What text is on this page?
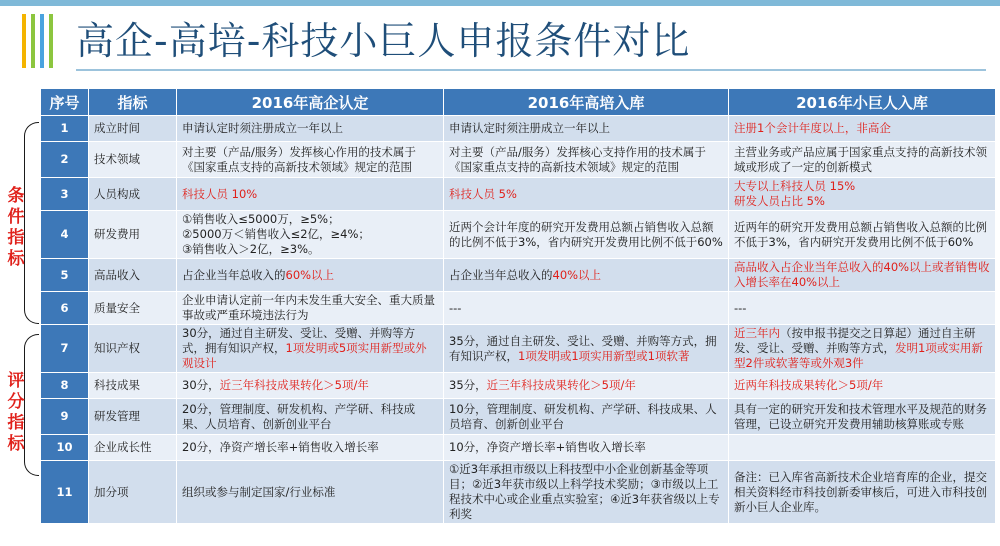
高企-高培-科技小巨人申报条件对比
序号	指标	2016年高企认定	2016年高培入库	2016年小巨人入库
1	成立时间	申请认定时须注册成立一年以上	申请认定时须注册成立一年以上	注册1个会计年度以上，非高企
2	技术领域	对主要（产品/服务）发挥核心作用的技术属于《国家重点支持的高新技术领域》规定的范围	对主要（产品/服务）发挥核心支持作用的技术属于《国家重点支持的高新技术领域》规定的范围	主营业务或产品应属于国家重点支持的高新技术领域或形成了一定的创新模式
3	人员构成	科技人员 10%	科技人员 5%	大专以上科技人员 15%
研发人员占比 5%
4	研发费用	①销售收入≤5000万，≥5%；
②5000万＜销售收入≤2亿，≥4%；
③销售收入＞2亿，≥3%。	近两个会计年度的研究开发费用总额占销售收入总额的比例不低于3%，省内研究开发费用比例不低于60%	近两年的研究开发费用总额占销售收入总额的比例不低于3%，省内研究开发费用比例不低于60%
5	高品收入	占企业当年总收入的60%以上	占企业当年总收入的40%以上	高品收入占企业当年总收入的40%以上或者销售收入增长率在40%以上
6	质量安全	企业申请认定前一年内未发生重大安全、重大质量事故或严重环境违法行为	---	---
7	知识产权	30分，通过自主研发、受让、受赠、并购等方式，拥有知识产权，1项发明或5项实用新型或外观设计	35分，通过自主研发、受让、受赠、并购等方式，拥有知识产权，1项发明或1项实用新型或1项软著	近三年内（按申报书提交之日算起）通过自主研发、受让、受赠、并购等方式，发明1项或实用新型2件或软著等或外观3件
8	科技成果	30分，近三年科技成果转化＞5项/年	35分，近三年科技成果转化＞5项/年	近两年科技成果转化＞5项/年
9	研发管理	20分，管理制度、研发机构、产学研、科技成果、人员培育、创新创业平台	10分，管理制度、研发机构、产学研、科技成果、人员培育、创新创业平台	具有一定的研究开发和技术管理水平及规范的财务管理，已设立研究开发费用辅助核算账或专账
10	企业成长性	20分，净资产增长率+销售收入增长率	10分，净资产增长率+销售收入增长率	
11	加分项	组织或参与制定国家/行业标准	①近3年承担市级以上科技型中小企业创新基金等项目；②近3年获市级以上科学技术奖励；③市级以上工程技术中心或企业重点实验室；④近3年获省级以上专利奖	备注：已入库省高新技术企业培育库的企业，提交相关资料经市科技创新委审核后，可进入市科技创新小巨人企业库。
条件指标
评分指标
